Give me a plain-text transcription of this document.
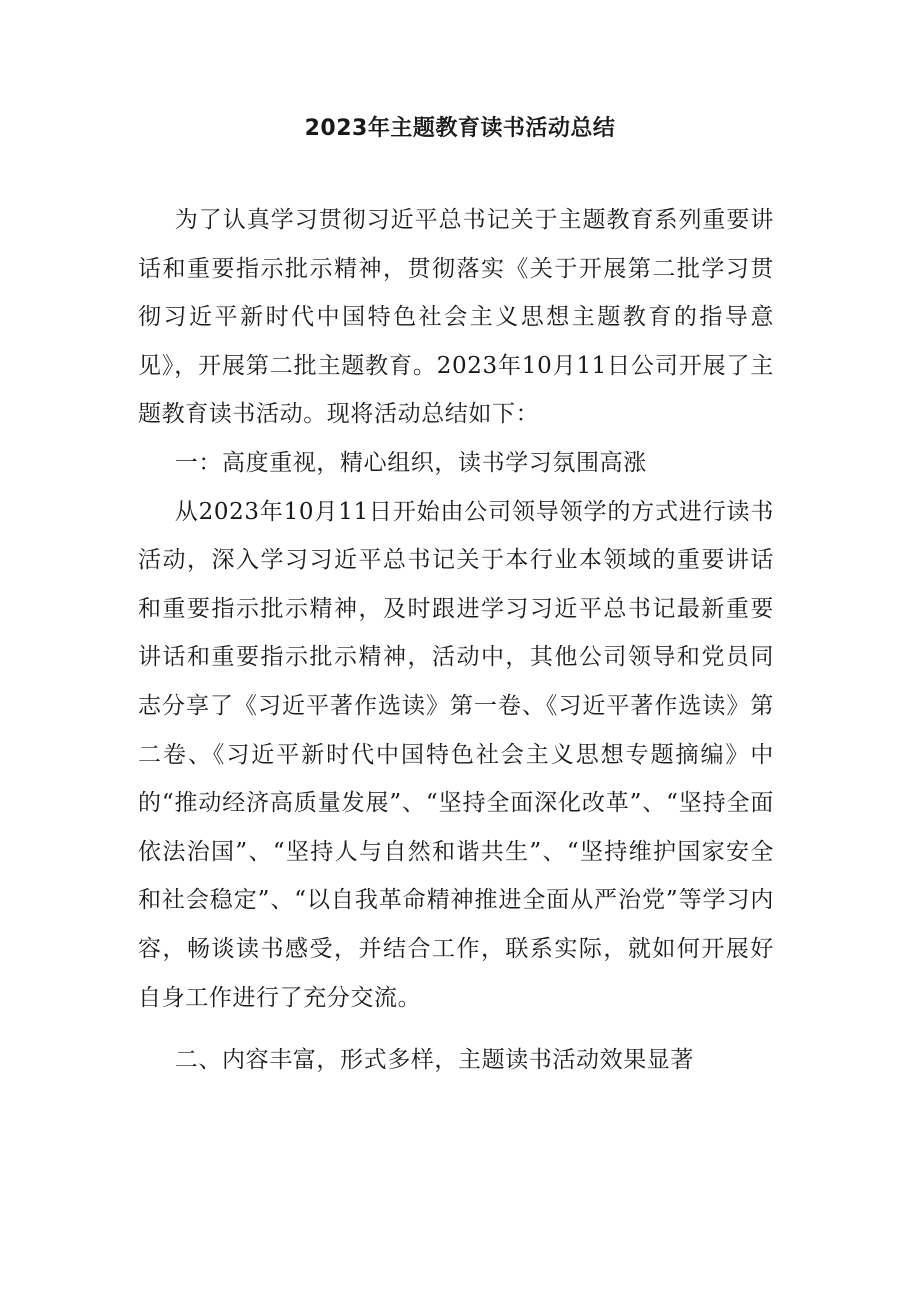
2023年主题教育读书活动总结

为了认真学习贯彻习近平总书记关于主题教育系列重要讲话和重要指示批示精神，贯彻落实《关于开展第二批学习贯彻习近平新时代中国特色社会主义思想主题教育的指导意见》，开展第二批主题教育。2023年10月11日公司开展了主题教育读书活动。现将活动总结如下：

一：高度重视，精心组织，读书学习氛围高涨

从2023年10月11日开始由公司领导领学的方式进行读书活动，深入学习习近平总书记关于本行业本领域的重要讲话和重要指示批示精神，及时跟进学习习近平总书记最新重要讲话和重要指示批示精神，活动中，其他公司领导和党员同志分享了《习近平著作选读》第一卷、《习近平著作选读》第二卷、《习近平新时代中国特色社会主义思想专题摘编》中的“推动经济高质量发展”、“坚持全面深化改革”、“坚持全面依法治国”、“坚持人与自然和谐共生”、“坚持维护国家安全和社会稳定”、“以自我革命精神推进全面从严治党”等学习内容，畅谈读书感受，并结合工作，联系实际，就如何开展好自身工作进行了充分交流。

二、内容丰富，形式多样，主题读书活动效果显著
